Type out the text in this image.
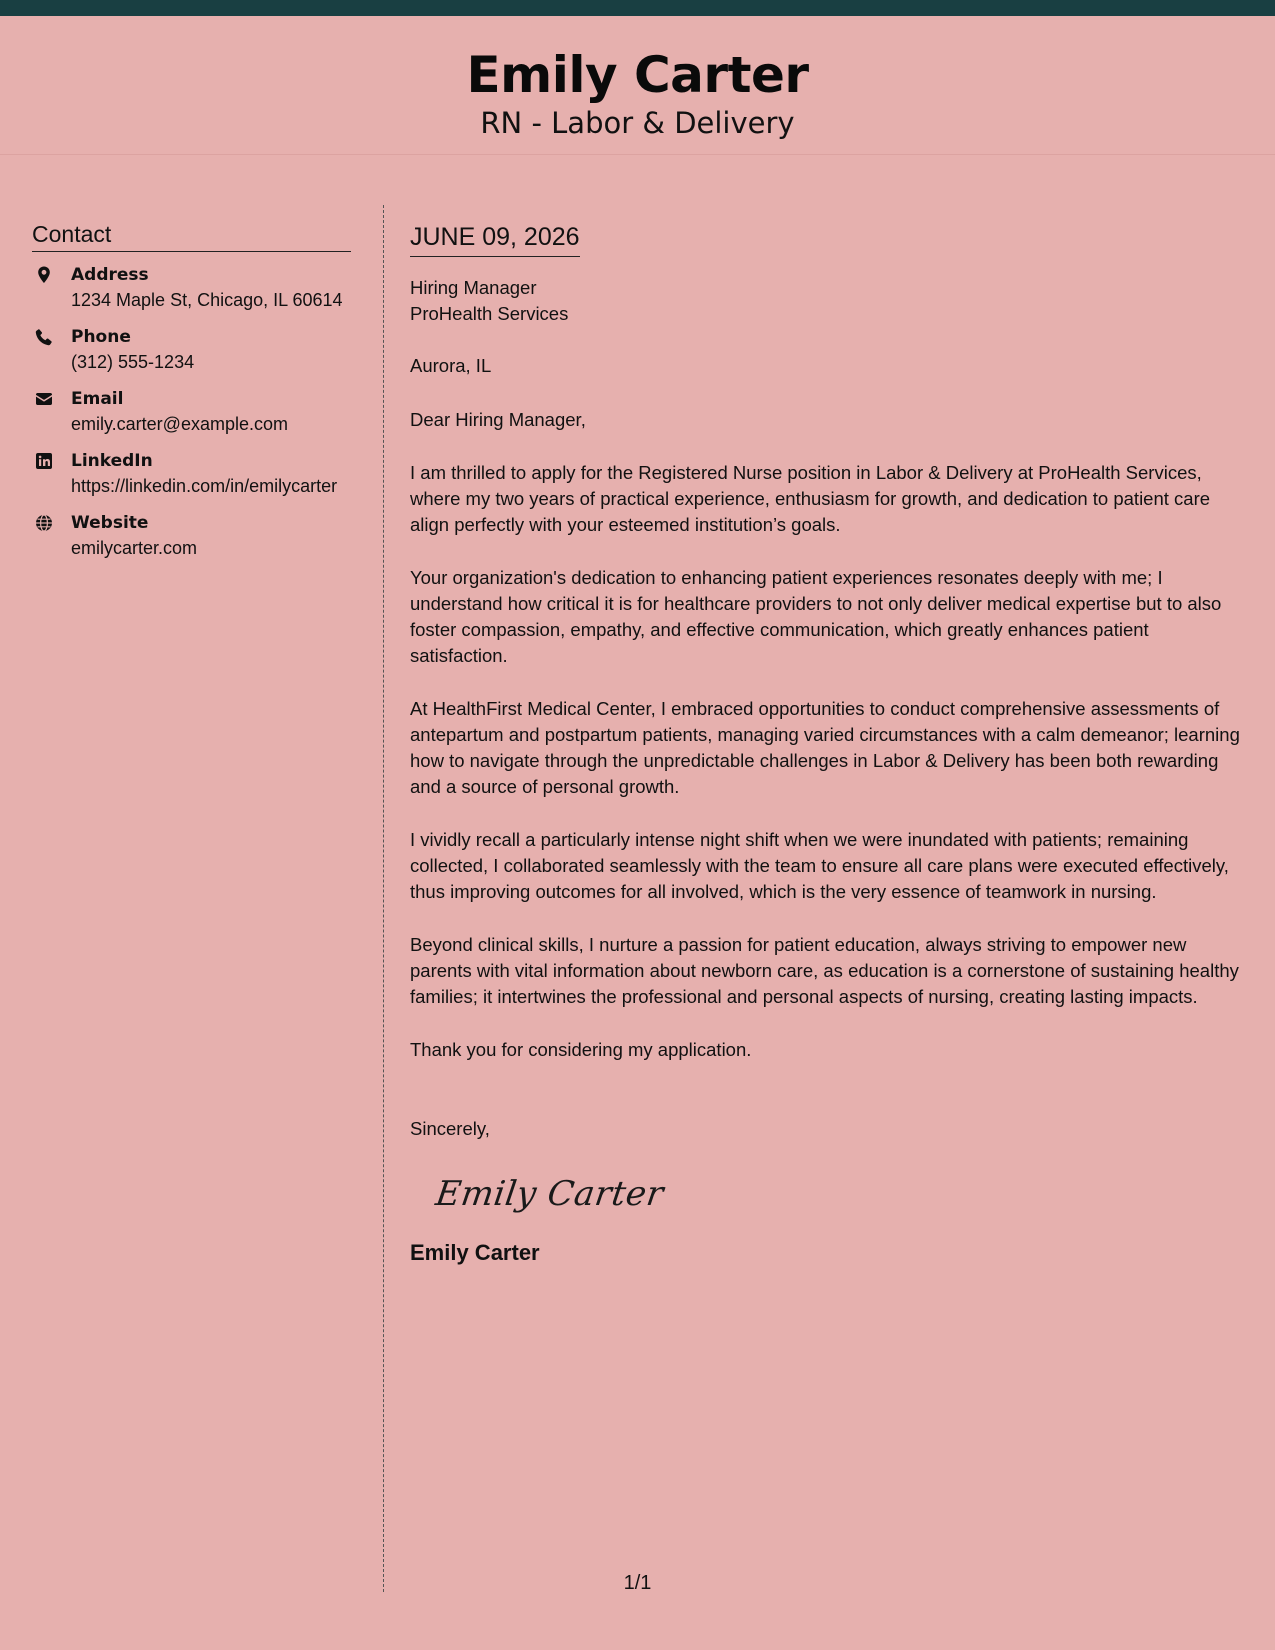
Emily Carter
RN - Labor & Delivery
Contact
Address
1234 Maple St, Chicago, IL 60614
Phone
(312) 555-1234
Email
emily.carter@example.com
LinkedIn
https://linkedin.com/in/emilycarter
Website
emilycarter.com
JUNE 09, 2026
Hiring Manager
ProHealth Services
Aurora, IL
Dear Hiring Manager,
I am thrilled to apply for the Registered Nurse position in Labor & Delivery at ProHealth Services, where my two years of practical experience, enthusiasm for growth, and dedication to patient care align perfectly with your esteemed institution’s goals.
Your organization's dedication to enhancing patient experiences resonates deeply with me; I understand how critical it is for healthcare providers to not only deliver medical expertise but to also foster compassion, empathy, and effective communication, which greatly enhances patient satisfaction.
At HealthFirst Medical Center, I embraced opportunities to conduct comprehensive assessments of antepartum and postpartum patients, managing varied circumstances with a calm demeanor; learning how to navigate through the unpredictable challenges in Labor & Delivery has been both rewarding and a source of personal growth.
I vividly recall a particularly intense night shift when we were inundated with patients; remaining collected, I collaborated seamlessly with the team to ensure all care plans were executed effectively, thus improving outcomes for all involved, which is the very essence of teamwork in nursing.
Beyond clinical skills, I nurture a passion for patient education, always striving to empower new parents with vital information about newborn care, as education is a cornerstone of sustaining healthy families; it intertwines the professional and personal aspects of nursing, creating lasting impacts.
Thank you for considering my application.
Sincerely,
Emily Carter
Emily Carter
1/1
